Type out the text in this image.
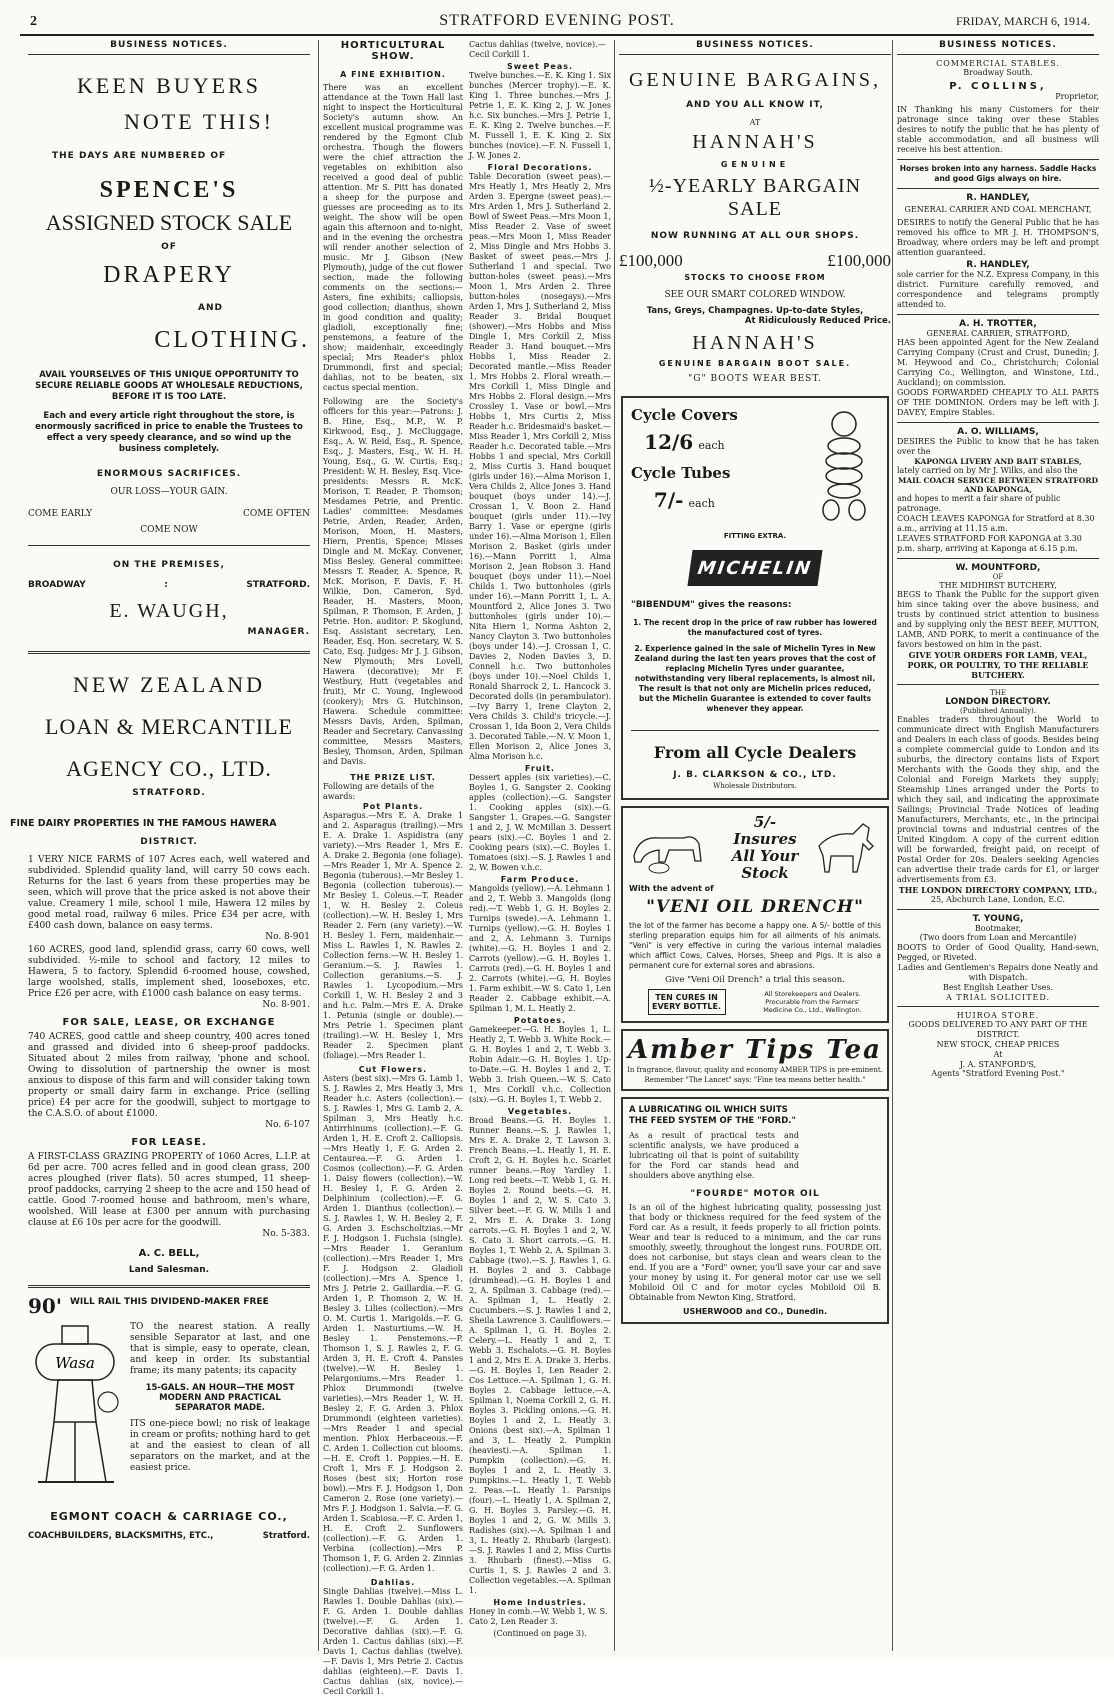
2	STRATFORD EVENING POST.	FRIDAY, MARCH 6, 1914.
BUSINESS NOTICES.
KEEN BUYERS
NOTE THIS!
THE DAYS ARE NUMBERED OF
SPENCE'S
ASSIGNED STOCK SALE
OF
DRAPERY
AND
CLOTHING.
AVAIL YOURSELVES OF THIS UNIQUE OPPORTUNITY TO SECURE RELIABLE GOODS AT WHOLESALE REDUCTIONS, BEFORE IT IS TOO LATE.
Each and every article right throughout the store, is enormously sacrificed in price to enable the Trustees to effect a very speedy clearance, and so wind up the business completely.
ENORMOUS SACRIFICES.
OUR LOSS—YOUR GAIN.
COME EARLY	COME OFTEN
COME NOW
ON THE PREMISES,
BROADWAY	:	STRATFORD.
E. WAUGH,
MANAGER.
NEW ZEALAND
LOAN & MERCANTILE
AGENCY CO., LTD.
STRATFORD.
FINE DAIRY PROPERTIES IN THE FAMOUS HAWERA
DISTRICT.
1 VERY NICE FARMS of 107 Acres each, well watered and subdivided. Splendid quality land, will carry 50 cows each. Returns for the last 6 years from these properties may be seen, which will prove that the price asked is not above their value. Creamery 1 mile, school 1 mile, Hawera 12 miles by good metal road, railway 6 miles. Price £34 per acre, with £400 cash down, balance on easy terms.
No. 8-901
160 ACRES, good land, splendid grass, carry 60 cows, well subdivided. ½-mile to school and factory, 12 miles to Hawera, 5 to factory. Splendid 6-roomed house, cowshed, large woolshed, stalls, implement shed, looseboxes, etc. Price £26 per acre, with £1000 cash balance on easy terms.
No. 8-901.
FOR SALE, LEASE, OR EXCHANGE
740 ACRES, good cattle and sheep country, 400 acres toned and grassed and divided into 6 sheep-proof paddocks. Situated about 2 miles from railway, 'phone and school. Owing to dissolution of partnership the owner is most anxious to dispose of this farm and will consider taking town property or small dairy farm in exchange. Price (selling price) £4 per acre for the goodwill, subject to mortgage to the C.A.S.O. of about £1000.
No. 6-107
FOR LEASE.
A FIRST-CLASS GRAZING PROPERTY of 1060 Acres, L.I.P. at 6d per acre. 700 acres felled and in good clean grass, 200 acres ploughed (river flats). 50 acres stumped, 11 sheep-proof paddocks, carrying 2 sheep to the acre and 150 head of cattle. Good 7-roomed house and bathroom, men's whare, woolshed. Will lease at £300 per annum with purchasing clause at £6 10s per acre for the goodwill.
No. 5-383.
A. C. BELL,
Land Salesman.
90' WILL RAIL THIS DIVIDEND-MAKER FREE
Wasa
TO the nearest station. A really sensible Separator at last, and one that is simple, easy to operate, clean, and keep in order. Its substantial frame; its many patents; its capacity
15-GALS. AN HOUR—THE MOST MODERN AND PRACTICAL SEPARATOR MADE.
ITS one-piece bowl; no risk of leakage in cream or profits; nothing hard to get at and the easiest to clean of all separators on the market, and at the easiest price.
EGMONT COACH & CARRIAGE CO.,
COACHBUILDERS, BLACKSMITHS, ETC.,	Stratford.
HORTICULTURAL SHOW.
A FINE EXHIBITION.
There was an excellent attendance at the Town Hall last night to inspect the Horticultural Society's autumn show. An excellent musical programme was rendered by the Egmont Club orchestra. Though the flowers were the chief attraction the vegetables on exhibition also received a good deal of public attention. Mr S. Pitt has donated a sheep for the purpose and guesses are proceeding as to its weight. The show will be open again this afternoon and to-night, and in the evening the orchestra will render another selection of music. Mr J. Gibson (New Plymouth), judge of the cut flower section, made the following comments on the sections:—Asters, fine exhibits; calliopsis, good collection; dianthus, shown in good condition and quality; gladioli, exceptionally fine; penstemons, a feature of the show; maidenhair, exceedingly special; Mrs Reader's phlox Drummondi, first and special; dahlias, not to be beaten, six cactus special mention.
Following are the Society's officers for this year:—Patrons: J. B. Hine, Esq., M.P., W. P. Kirkwood, Esq., J. McCluggage, Esq., A. W. Reid, Esq., R. Spence, Esq., J. Masters, Esq., W. H. H. Young, Esq., G. W. Curtis, Esq.; President: W. H. Besley, Esq. Vice-presidents: Messrs R. McK. Morison, T. Reader, P. Thomson; Mesdames Petrie, and Prentic. Ladies' committee: Mesdames Petrie, Arden, Reader, Arden, Morison, Moon, H. Masters, Hiern, Prentis, Spence; Misses Dingle and M. McKay. Convener, Miss Besley. General committee: Messrs T. Reader, A. Spence, R. McK. Morison, F. Davis, F. H. Wilkie, Don. Cameron, Syd. Reader, H. Masters, Moon, Spilman, P. Thomson, F. Arden, J. Petrie. Hon. auditor: P. Skoglund, Esq. Assistant secretary, Len. Reader, Esq. Hon. secretary, W. S. Cato, Esq. Judges: Mr J. J. Gibson, New Plymouth; Mrs Lovell, Hawera (decorative); Mr F. Westbury, Hutt (vegetables and fruit), Mr C. Young, Inglewood (cookery); Mrs G. Hutchinson, Hawera. Schedule committee: Messrs Davis, Arden, Spilman, Reader and Secretary. Canvassing committee, Messrs Masters, Besley, Thomson, Arden, Spilman and Davis.
THE PRIZE LIST.
Following are details of the awards:
Pot Plants.
Asparagus.—Mrs E. A. Drake 1 and 2. Asparagus (trailing).—Mrs E. A. Drake 1. Aspidistra (any variety).—Mrs Reader 1, Mrs E. A. Drake 2. Begonia (one foliage).—Mrs Reader 1, Mr A. Spence 2. Begonia (tuberous).—Mr Besley 1. Begonia (collection tuberous).—Mr Besley 1. Coleus.—T. Reader 1, W. H. Besley 2. Coleus (collection).—W. H. Besley 1, Mrs Reader 2. Fern (any variety).—W. H. Besley 1. Fern, maidenhair.—Miss L. Rawles 1, N. Rawles 2. Collection ferns.—W. H. Besley 1. Geranium.—S. J. Rawles 1. Collection geraniums.—S. J. Rawles 1. Lycopodium.—Mrs Corkill 1, W. H. Besley 2 and 3 and h.c. Palm.—Mrs E. A. Drake 1. Petunia (single or double).—Mrs Petrie 1. Specimen plant (trailing).—W. H. Besley 1, Mrs Reader 2. Specimen plant (foliage).—Mrs Reader 1.
Cut Flowers.
Asters (best six).—Mrs G. Lamb 1, S. J. Rawles 2, Mrs Heatly 3, Mrs Reader h.c. Asters (collection).—S. J. Rawles 1, Mrs G. Lamb 2, A. Spilman 3, Mrs Heatly h.c. Antirrhinums (collection).—F. G. Arden 1, H. E. Croft 2. Calliopsis.—Mrs Heatly 1, F. G. Arden 2. Centaurea.—F. G. Arden 1. Cosmos (collection).—F. G. Arden 1. Daisy flowers (collection).—W. H. Besley 1, F. G. Arden 2. Delphinium (collection).—F. G. Arden 1. Dianthus (collection).—S. J. Rawles 1, W. H. Besley 2, F. G. Arden 3. Eschscholtzias.—Mr F. J. Hodgson 1. Fuchsia (single).—Mrs Reader 1. Geranium (collection).—Mrs Reader 1, Mrs F. J. Hodgson 2. Gladioli (collection).—Mrs A. Spence 1, Mrs J. Petrie 2. Gaillardia.—F. G. Arden 1, P. Thomson 2, W. H. Besley 3. Lilies (collection).—Mrs O. M. Curtis 1. Marigolds.—F. G. Arden 1. Nasturtiums.—W. H. Besley 1. Penstemons.—P. Thomson 1, S. J. Rawles 2, F. G. Arden 3, H. E. Croft 4. Pansies (twelve).—W. H. Besley 1. Pelargoniums.—Mrs Reader 1. Phlox Drummondi (twelve varieties).—Mrs Reader 1, W. H. Besley 2, F. G. Arden 3. Phlox Drummondi (eighteen varieties).—Mrs Reader 1 and special mention. Phlox Herbaceous.—F. C. Arden 1. Collection cut blooms.—H. E. Croft 1. Poppies.—H. E. Croft 1, Mrs F. J. Hodgson 2. Roses (best six; Horton rose bowl).—Mrs F. J. Hodgson 1, Don Cameron 2. Rose (one variety).—Mrs F. J. Hodgson 1. Salvia.—F. G. Arden 1. Scabiosa.—F. C. Arden 1, H. E. Croft 2. Sunflowers (collection).—F. G. Arden 1. Verbina (collection).—Mrs P. Thomson 1, F. G. Arden 2. Zinnias (collection).—F. G. Arden 1.
Dahlias.
Single Dahlias (twelve).—Miss L. Rawles 1. Double Dahlias (six).—F. G. Arden 1. Double dahlias (twelve).—F. G. Arden 1. Decorative dahlias (six).—F. G. Arden 1. Cactus dahlias (six).—F. Davis 1, Cactus dahlias (twelve).—F. Davis 1, Mrs Petrie 2. Cactus dahlias (eighteen).—F. Davis 1. Cactus dahlias (six, novice).—Cecil Corkill 1.
Cactus dahlias (twelve, novice).—Cecil Corkill 1.
Sweet Peas.
Twelve bunches.—E. K. King 1. Six bunches (Mercer trophy).—E. K. King 1. Three bunches.—Mrs J. Petrie 1, E. K. King 2, J. W. Jones h.c. Six bunches.—Mrs J. Petrie 1, E. K. King 2. Twelve bunches.—F. M. Fussell 1, E. K. King 2. Six bunches (novice).—F. N. Fussell 1, J. W. Jones 2.
Floral Decorations.
Table Decoration (sweet peas).—Mrs Heatly 1, Mrs Heatly 2, Mrs Arden 3. Epergne (sweet peas).—Mrs Arden 1, Mrs J. Sutherland 2. Bowl of Sweet Peas.—Mrs Moon 1, Miss Reader 2. Vase of sweet peas.—Mrs Moon 1, Miss Reader 2, Miss Dingle and Mrs Hobbs 3. Basket of sweet peas.—Mrs J. Sutherland 1 and special. Two button-holes (sweet peas).—Mrs Moon 1, Mrs Arden 2. Three button-holes (nosegays).—Mrs Arden 1, Mrs J. Sutherland 2, Miss Reader 3. Bridal Bouquet (shower).—Mrs Hobbs and Miss Dingle 1, Mrs Corkill 2, Miss Reader 3. Hand bouquet.—Mrs Hobbs 1, Miss Reader 2. Decorated mantle.—Miss Reader 1, Mrs Hobbs 2. Floral wreath.—Mrs Corkill 1, Miss Dingle and Mrs Hobbs 2. Floral design.—Mrs Crossley 1. Vase or bowl.—Mrs Hobbs 1, Mrs Curtis 2, Miss Reader h.c. Bridesmaid's basket.—Miss Reader 1, Mrs Corkill 2, Miss Reader h.c. Decorated table.—Mrs Hobbs 1 and special, Mrs Corkill 2, Miss Curtis 3. Hand bouquet (girls under 16).—Alma Morison 1, Vera Childs 2, Alice Jones 3. Hand bouquet (boys under 14).—J. Crossan 1, V. Boon 2. Hand bouquet (girls under 11).—Ivy Barry 1. Vase or epergne (girls under 16).—Alma Morison 1, Ellen Morison 2. Basket (girls under 16).—Mann Porritt 1, Alma Morison 2, Jean Robson 3. Hand bouquet (boys under 11).—Noel Childs 1. Two buttonholes (girls under 16).—Mann Porritt 1, L. A. Mountford 2, Alice Jones 3. Two buttonholes (girls under 10).—Nita Hiern 1, Norma Ashton 2, Nancy Clayton 3. Two buttonholes (boys under 14).—J. Crossan 1, C. Davies 2, Noden Davies 3, D. Connell h.c. Two buttonholes (boys under 10).—Noel Childs 1, Ronald Sharrock 2, L. Hancock 3. Decorated dolls (in perambulator).—Ivy Barry 1, Irene Clayton 2, Vera Childs 3. Child's tricycle.—J. Crossan 1, Ida Boon 2, Vera Childs 3. Decorated Table.—N. V. Moon 1, Ellen Morison 2, Alice Jones 3, Alma Morison h.c.
Fruit.
Dessert apples (six varieties).—C. Boyles 1, G. Sangster 2. Cooking apples (collection).—G. Sangster 1. Cooking apples (six).—G. Sangster 1. Grapes.—G. Sangster 1 and 2, J. W. McMillan 3. Dessert pears (six).—C. Boyles 1 and 2. Cooking pears (six).—C. Boyles 1. Tomatoes (six).—S. J. Rawles 1 and 2, W. Bowen v.h.c.
Farm Produce.
Mangolds (yellow).—A. Lehmann 1 and 2, T. Webb 3. Mangolds (long red).—T. Webb 1, G. H. Boyles 2. Turnips (swede).—A. Lehmann 1. Turnips (yellow).—G. H. Boyles 1 and 2, A. Lehmann 3. Turnips (white).—G. H. Boyles 1 and 2. Carrots (yellow).—G. H. Boyles 1. Carrots (red).—G. H. Boyles 1 and 2. Carrots (white).—G. H. Boyles 1. Farm exhibit.—W. S. Cato 1, Len Reader 2. Cabbage exhibit.—A. Spilman 1, M. L. Heatly 2.
Potatoes.
Gamekeeper.—G. H. Boyles 1, L. Heatly 2, T. Webb 3. White Rock.—G. H. Boyles 1 and 2, T. Webb 3. Robin Adair.—G. H. Boyles 1. Up-to-Date.—G. H. Boyles 1 and 2, T. Webb 3. Irish Queen.—W. S. Cato 1, Mrs Corkill v.h.c. Collection (six).—G. H. Boyles 1, T. Webb 2.
Vegetables.
Broad Beans.—G. H. Boyles 1. Runner Beans.—S. J. Rawles 1, Mrs E. A. Drake 2, T. Lawson 3. French Beans.—L. Heatly 1, H. E. Croft 2, G. H. Boyles h.c. Scarlet runner beans.—Roy Yardley 1. Long red beets.—T. Webb 1, G. H. Boyles 2. Round beets.—G. H. Boyles 1 and 2, W. S. Cato 3. Silver beet.—F. G. W. Mills 1 and 2, Mrs E. A. Drake 3. Long carrots.—G. H. Boyles 1 and 2, W. S. Cato 3. Short carrots.—G. H. Boyles 1, T. Webb 2, A. Spilman 3. Cabbage (two).—S. J. Rawles 1, G. H. Boyles 2 and 3. Cabbage (drumhead).—G. H. Boyles 1 and 2, A. Spilman 3. Cabbage (red).—A. Spilman 1, L. Heatly 2. Cucumbers.—S. J. Rawles 1 and 2, Sheila Lawrence 3. Cauliflowers.—A. Spilman 1, G. H. Boyles 2. Celery.—L. Heatly 1 and 2, T. Webb 3. Eschalots.—G. H. Boyles 1 and 2, Mrs E. A. Drake 3. Herbs.—G. H. Boyles 1, Len Reader 2. Cos Lettuce.—A. Spilman 1, G. H. Boyles 2. Cabbage lettuce.—A. Spilman 1, Noema Corkill 2, G. H. Boyles 3. Pickling onions.—G. H. Boyles 1 and 2, L. Heatly 3. Onions (best six).—A. Spilman 1 and 3, L. Heatly 2. Pumpkin (heaviest).—A. Spilman 1. Pumpkin (collection).—G. H. Boyles 1 and 2, L. Heatly 3. Pumpkins.—L. Heatly 1, T. Webb 2. Peas.—L. Heatly 1. Parsnips (four).—L. Heatly 1, A. Spilman 2, G. H. Boyles 3. Parsley.—G. H. Boyles 1 and 2, G. W. Mills 3. Radishes (six).—A. Spilman 1 and 3, L. Heatly 2. Rhubarb (largest).—S. J. Rawles 1 and 2, Miss Curtis 3. Rhubarb (finest).—Miss G. Curtis 1, S. J. Rawles 2 and 3. Collection vegetables.—A. Spilman 1.
Home Industries.
Honey in comb.—W. Webb 1, W. S. Cato 2, Len Reader 3.
(Continued on page 3).
BUSINESS NOTICES.
GENUINE BARGAINS,
AND YOU ALL KNOW IT,
AT
HANNAH'S
GENUINE
½-YEARLY BARGAIN SALE
NOW RUNNING AT ALL OUR SHOPS.
£100,000	£100,000
STOCKS TO CHOOSE FROM
SEE OUR SMART COLORED WINDOW.
Tans, Greys, Champagnes. Up-to-date Styles,
At Ridiculously Reduced Price.
HANNAH'S
GENUINE BARGAIN BOOT SALE.
"G" BOOTS WEAR BEST.
Cycle Covers
12/6 each
Cycle Tubes
7/- each
FITTING EXTRA.
MICHELIN
"BIBENDUM" gives the reasons:
1. The recent drop in the price of raw rubber has lowered the manufactured cost of tyres.
2. Experience gained in the sale of Michelin Tyres in New Zealand during the last ten years proves that the cost of replacing Michelin Tyres under guarantee, notwithstanding very liberal replacements, is almost nil. The result is that not only are Michelin prices reduced, but the Michelin Guarantee is extended to cover faults whenever they appear.
From all Cycle Dealers
J. B. CLARKSON & CO., LTD.
Wholesale Distributors.
5/- Insures All Your Stock
With the advent of
"VENI OIL DRENCH"
the lot of the farmer has become a happy one. A 5/- bottle of this sterling preparation equips him for all ailments of his animals. "Veni" is very effective in curing the various internal maladies which afflict Cows, Calves, Horses, Sheep and Pigs. It is also a permanent cure for external sores and abrasions.
Give "Veni Oil Drench" a trial this season.
TEN CURES IN EVERY BOTTLE.
All Storekeepers and Dealers. Procurable from the Farmers' Medicine Co., Ltd., Wellington.
Amber Tips Tea
In fragrance, flavour, quality and economy AMBER TIPS is pre-eminent. Remember "The Lancet" says: "Fine tea means better health."
A LUBRICATING OIL WHICH SUITS THE FEED SYSTEM OF THE "FORD."
As a result of practical tests and scientific analysis, we have produced a lubricating oil that is point of suitability for the Ford car stands head and shoulders above anything else.
"FOURDE" MOTOR OIL
Is an oil of the highest lubricating quality, possessing just that body or thickness required for the feed system of the Ford car. As a result, it feeds properly to all friction points. Wear and tear is reduced to a minimum, and the car runs smoothly, sweetly, throughout the longest runs. FOURDE OIL does not carbonise, but stays clean and wears clean to the end. If you are a "Ford" owner, you'll save your car and save your money by using it. For general motor car use we sell Mobiloid Oil C and for motor cycles Mobiloid Oil B. Obtainable from Newton King, Stratford.
USHERWOOD and CO., Dunedin.
BUSINESS NOTICES.
COMMERCIAL STABLES.
Broadway South.
P. COLLINS,
Proprietor,
IN Thanking his many Customers for their patronage since taking over these Stables desires to notify the public that he has plenty of stable accommodation, and all business will receive his best attention.
Horses broken into any harness. Saddle Hacks and good Gigs always on hire.
R. HANDLEY,
GENERAL CARRIER AND COAL MERCHANT,
DESIRES to notify the General Public that he has removed his office to MR J. H. THOMPSON'S, Broadway, where orders may be left and prompt attention guaranteed.
R. HANDLEY,
sole carrier for the N.Z. Express Company, in this district. Furniture carefully removed, and correspondence and telegrams promptly attended to.
A. H. TROTTER,
GENERAL CARRIER, STRATFORD,
HAS been appointed Agent for the New Zealand Carrying Company (Crust and Crust, Dunedin; J. M. Heywood and Co., Christchurch; Colonial Carrying Co., Wellington, and Winstone, Ltd., Auckland); on commission.
GOODS FORWARDED CHEAPLY TO ALL PARTS OF THE DOMINION. Orders may be left with J. DAVEY, Empire Stables.
A. O. WILLIAMS,
DESIRES the Public to know that he has taken over the
KAPONGA LIVERY AND BAIT STABLES,
lately carried on by Mr J. Wilks, and also the
MAIL COACH SERVICE BETWEEN STRATFORD AND KAPONGA,
and hopes to merit a fair share of public patronage.
COACH LEAVES KAPONGA for Stratford at 8.30 a.m., arriving at 11.15 a.m.
LEAVES STRATFORD FOR KAPONGA at 3.30 p.m. sharp, arriving at Kaponga at 6.15 p.m.
W. MOUNTFORD,
OF
THE MIDHIRST BUTCHERY,
BEGS to Thank the Public for the support given him since taking over the above business, and trusts by continued strict attention to business and by supplying only the BEST BEEF, MUTTON, LAMB, AND PORK, to merit a continuance of the favors bestowed on him in the past.
GIVE YOUR ORDERS FOR LAMB, VEAL, PORK, OR POULTRY, TO THE RELIABLE BUTCHERY.
THE
LONDON DIRECTORY.
(Published Annually).
Enables traders throughout the World to communicate direct with English Manufacturers and Dealers in each class of goods. Besides being a complete commercial guide to London and its suburbs, the directory contains lists of Export Merchants with the Goods they ship, and the Colonial and Foreign Markets they supply; Steamship Lines arranged under the Ports to which they sail, and indicating the approximate Sailings; Provincial Trade Notices of leading Manufacturers, Merchants, etc., in the principal provincial towns and industrial centres of the United Kingdom. A copy of the current edition will be forwarded, freight paid, on receipt of Postal Order for 20s. Dealers seeking Agencies can advertise their trade cards for £1, or larger advertisements from £3.
THE LONDON DIRECTORY COMPANY, LTD.,
25, Abchurch Lane, London, E.C.
T. YOUNG,
Bootmaker,
(Two doors from Loan and Mercantile)
BOOTS to Order of Good Quality, Hand-sewn, Pegged, or Riveted.
Ladies and Gentlemen's Repairs done Neatly and with Dispatch.
Best English Leather Uses.
A TRIAL SOLICITED.
HUIROA STORE.
GOODS DELIVERED TO ANY PART OF THE DISTRICT.
NEW STOCK, CHEAP PRICES
At
J. A. STANFORD'S,
Agents "Stratford Evening Post."
